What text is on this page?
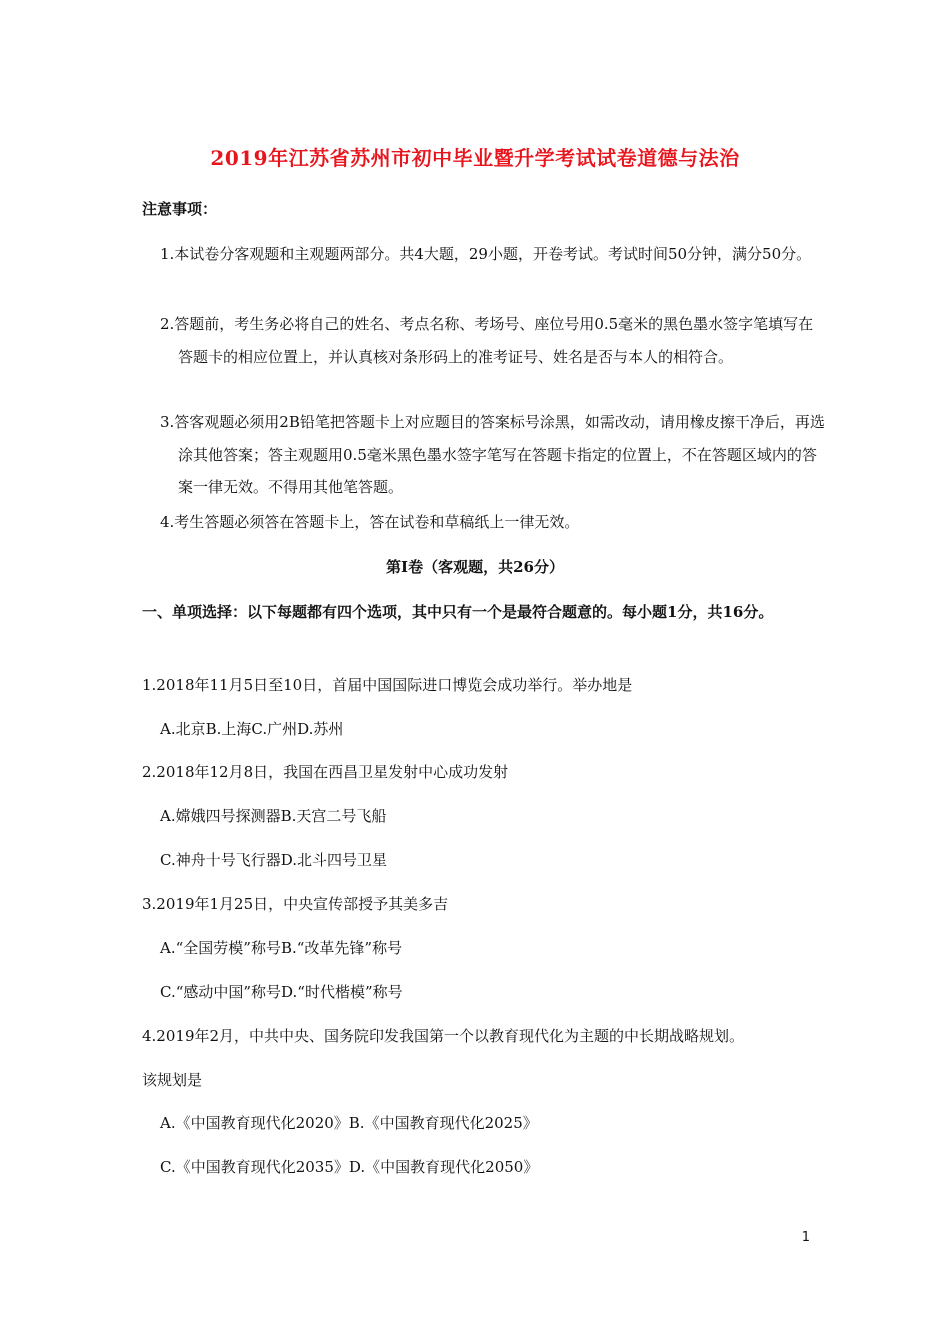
2019年江苏省苏州市初中毕业暨升学考试试卷道德与法治
注意事项：
1.本试卷分客观题和主观题两部分。共4大题，29小题，开卷考试。考试时间50分钟，满分50分。
2.答题前，考生务必将自己的姓名、考点名称、考场号、座位号用0.5毫米的黑色墨水签字笔填写在答题卡的相应位置上，并认真核对条形码上的准考证号、姓名是否与本人的相符合。
3.答客观题必须用2B铅笔把答题卡上对应题目的答案标号涂黑，如需改动，请用橡皮擦干净后，再选涂其他答案；答主观题用0.5毫米黑色墨水签字笔写在答题卡指定的位置上，不在答题区域内的答案一律无效。不得用其他笔答题。
4.考生答题必须答在答题卡上，答在试卷和草稿纸上一律无效。
第Ⅰ卷（客观题，共26分）
一、单项选择：以下每题都有四个选项，其中只有一个是最符合题意的。每小题1分，共16分。
1.2018年11月5日至10日，首届中国国际进口博览会成功举行。举办地是
A.北京B.上海C.广州D.苏州
2.2018年12月8日，我国在西昌卫星发射中心成功发射
A.嫦娥四号探测器B.天宫二号飞船
C.神舟十号飞行器D.北斗四号卫星
3.2019年1月25日，中央宣传部授予其美多吉
A.“全国劳模”称号B.“改革先锋”称号
C.“感动中国”称号D.“时代楷模”称号
4.2019年2月，中共中央、国务院印发我国第一个以教育现代化为主题的中长期战略规划。
该规划是
A.《中国教育现代化2020》B.《中国教育现代化2025》
C.《中国教育现代化2035》D.《中国教育现代化2050》
1
